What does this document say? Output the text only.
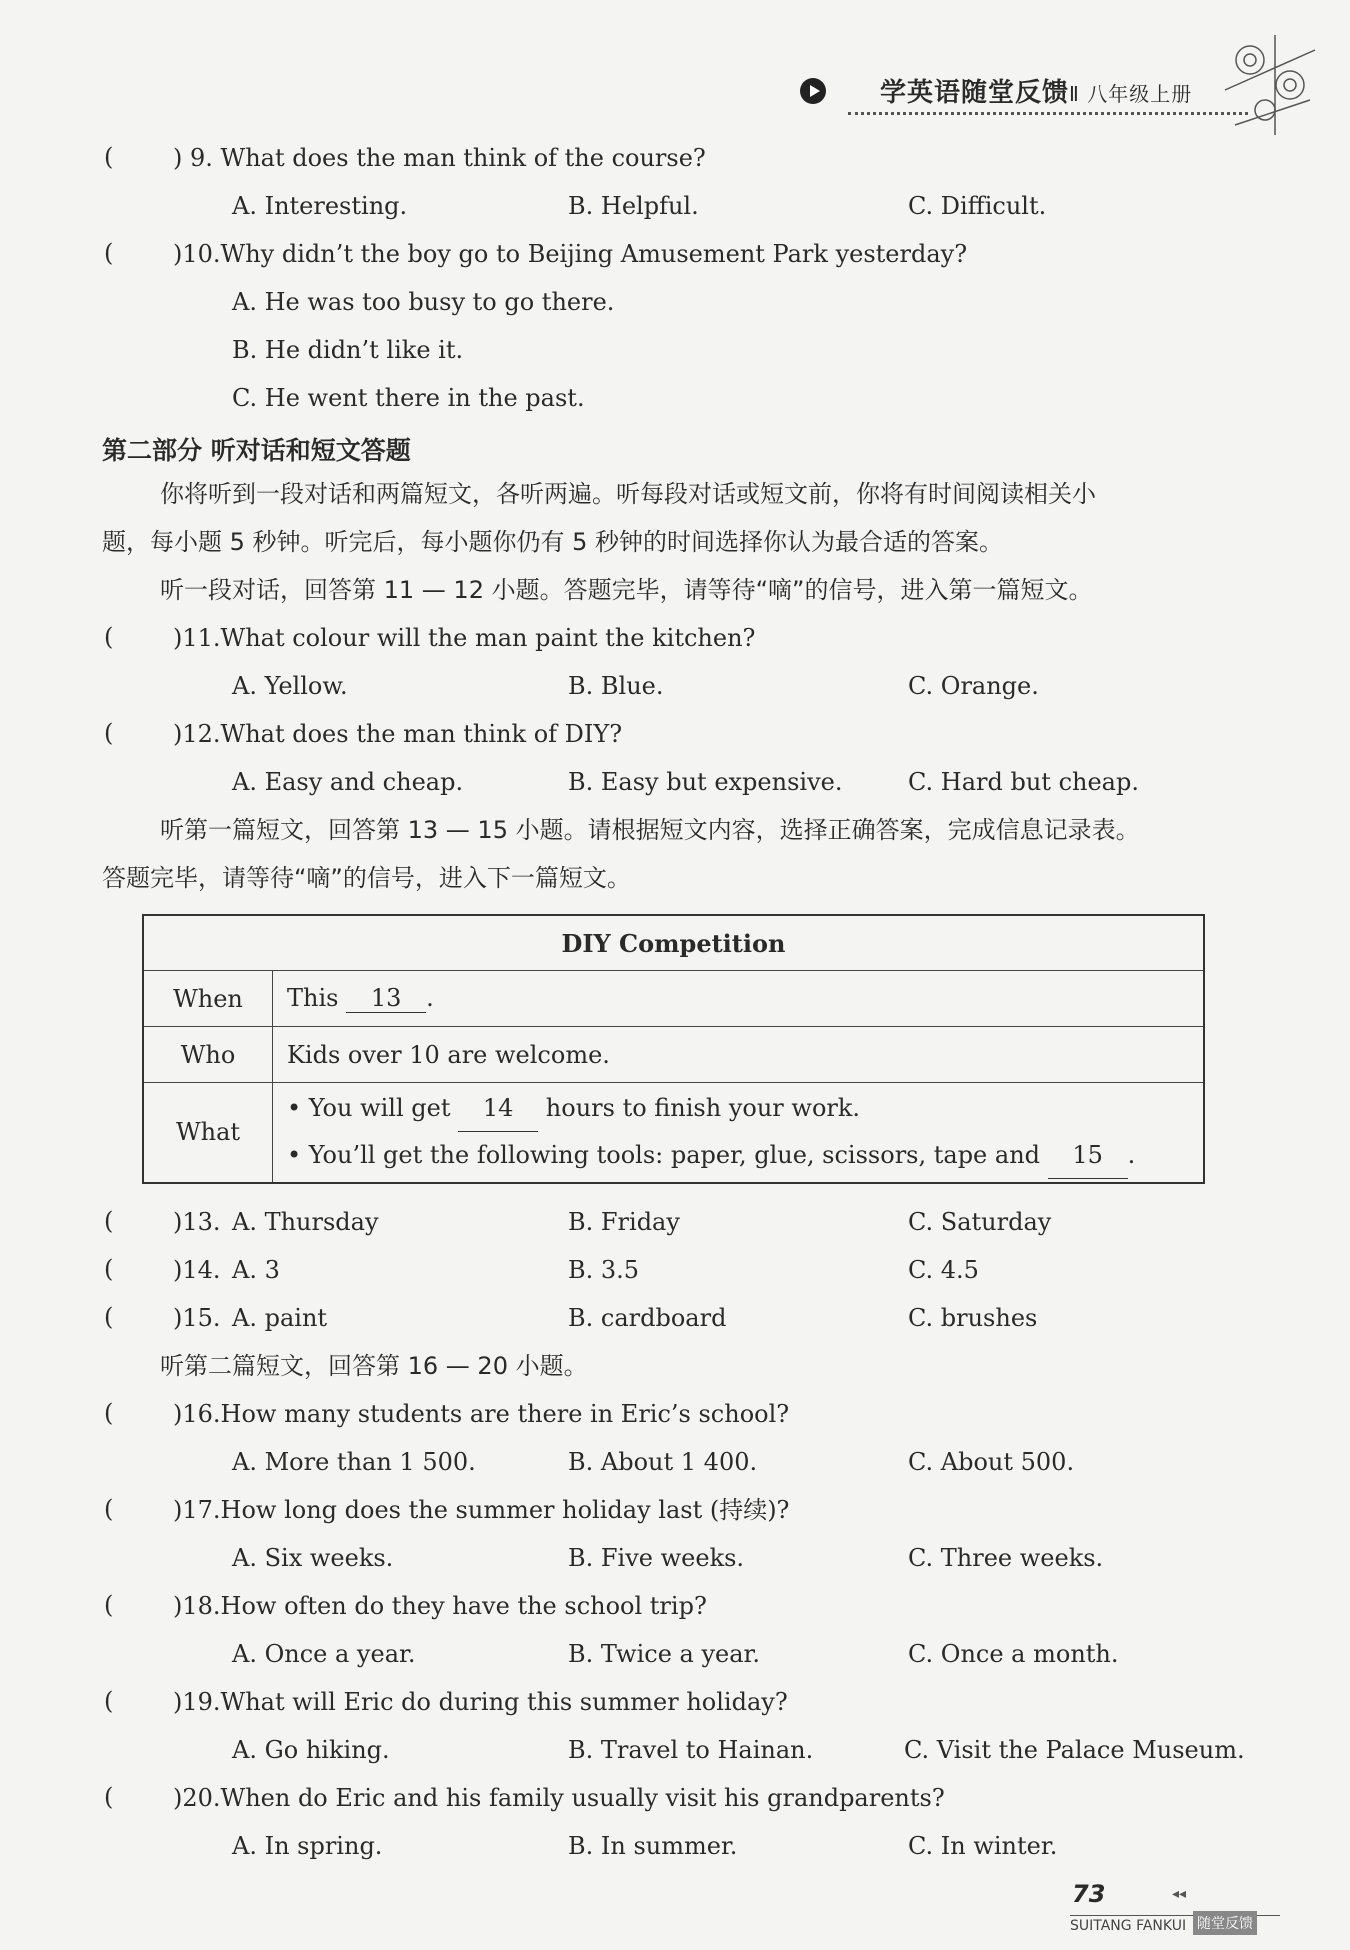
学英语随堂反馈Ⅱ 八年级上册
( ) 9. What does the man think of the course?
A. Interesting.	B. Helpful.	C. Difficult.
( )10.Why didn’t the boy go to Beijing Amusement Park yesterday?
A. He was too busy to go there.
B. He didn’t like it.
C. He went there in the past.
第二部分 听对话和短文答题
你将听到一段对话和两篇短文，各听两遍。听每段对话或短文前，你将有时间阅读相关小
题，每小题 5 秒钟。听完后，每小题你仍有 5 秒钟的时间选择你认为最合适的答案。
听一段对话，回答第 11 — 12 小题。答题完毕，请等待“嘀”的信号，进入第一篇短文。
( )11.What colour will the man paint the kitchen?
A. Yellow.	B. Blue.	C. Orange.
( )12.What does the man think of DIY?
A. Easy and cheap.	B. Easy but expensive.	C. Hard but cheap.
听第一篇短文，回答第 13 — 15 小题。请根据短文内容，选择正确答案，完成信息记录表。
答题完毕，请等待“嘀”的信号，进入下一篇短文。
DIY Competition	
When	This 13 .
Who	Kids over 10 are welcome.
What	• You will get 14 hours to finish your work.
• You’ll get the following tools: paper, glue, scissors, tape and 15 .
( )13. A. Thursday	B. Friday	C. Saturday
( )14. A. 3	B. 3.5	C. 4.5
( )15. A. paint	B. cardboard	C. brushes
听第二篇短文，回答第 16 — 20 小题。
( )16.How many students are there in Eric’s school?
A. More than 1 500.	B. About 1 400.	C. About 500.
( )17.How long does the summer holiday last (持续)?
A. Six weeks.	B. Five weeks.	C. Three weeks.
( )18.How often do they have the school trip?
A. Once a year.	B. Twice a year.	C. Once a month.
( )19.What will Eric do during this summer holiday?
A. Go hiking.	B. Travel to Hainan.	C. Visit the Palace Museum.
( )20.When do Eric and his family usually visit his grandparents?
A. In spring.	B. In summer.	C. In winter.
73	◂◂
SUITANG FANKUI 随堂反馈
